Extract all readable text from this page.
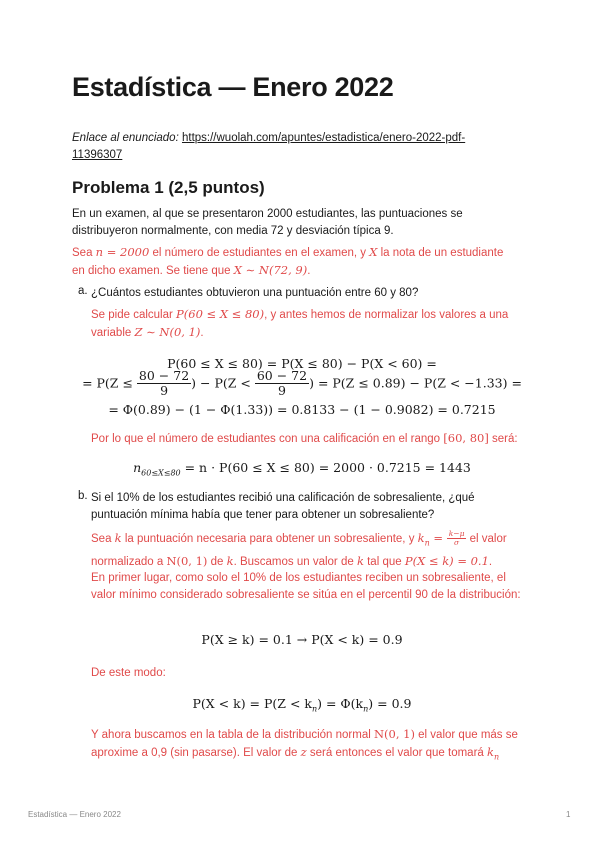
Estadística — Enero 2022
Enlace al enunciado: https://wuolah.com/apuntes/estadistica/enero-2022-pdf-
11396307
Problema 1 (2,5 puntos)
En un examen, al que se presentaron 2000 estudiantes, las puntuaciones se distribuyeron normalmente, con media 72 y desviación típica 9.
Sea n = 2000 el número de estudiantes en el examen, y X la nota de un estudiante en dicho examen. Se tiene que X ∼ N(72, 9).
a. ¿Cuántos estudiantes obtuvieron una puntuación entre 60 y 80?
Se pide calcular P(60 ≤ X ≤ 80), y antes hemos de normalizar los valores a una variable Z ∼ N(0, 1).
P(60 ≤ X ≤ 80) = P(X ≤ 80) − P(X < 60) =
= $P(Z \le \frac{80 - 72}{9}$ ) − $P(Z < \frac{60 - 72}{9}$ ) = P(Z ≤ 0.89) − P(Z < −1.33) =
= Φ(0.89) − (1 − Φ(1.33)) = 0.8133 − (1 − 0.9082) = 0.7215
Por lo que el número de estudiantes con una calificación en el rango [60, 80] será:
$n_{60\le X\le 80} = n \cdot P(60 \le X \le 80) = 2000 \cdot 0.7215 = 1443$
b. Si el 10% de los estudiantes recibió una calificación de sobresaliente, ¿qué puntuación mínima había que tener para obtener un sobresaliente?
Sea k la puntuación necesaria para obtener un sobresaliente, y $k_n = \frac{k-\mu}{\sigma}$ el valor normalizado a N(0, 1) de k. Buscamos un valor de k tal que P(X ≤ k) = 0.1.
En primer lugar, como solo el 10% de los estudiantes reciben un sobresaliente, el valor mínimo considerado sobresaliente se sitúa en el percentil 90 de la distribución:
P(X ≥ k) = 0.1 → P(X < k) = 0.9
De este modo:
$P(X < k) = P(Z < k_n) = \Phi(k_n) = 0.9$
Y ahora buscamos en la tabla de la distribución normal N(0, 1) el valor que más se aproxime a 0,9 (sin pasarse). El valor de z será entonces el valor que tomará $k_n$
Estadística — Enero 2022	1
